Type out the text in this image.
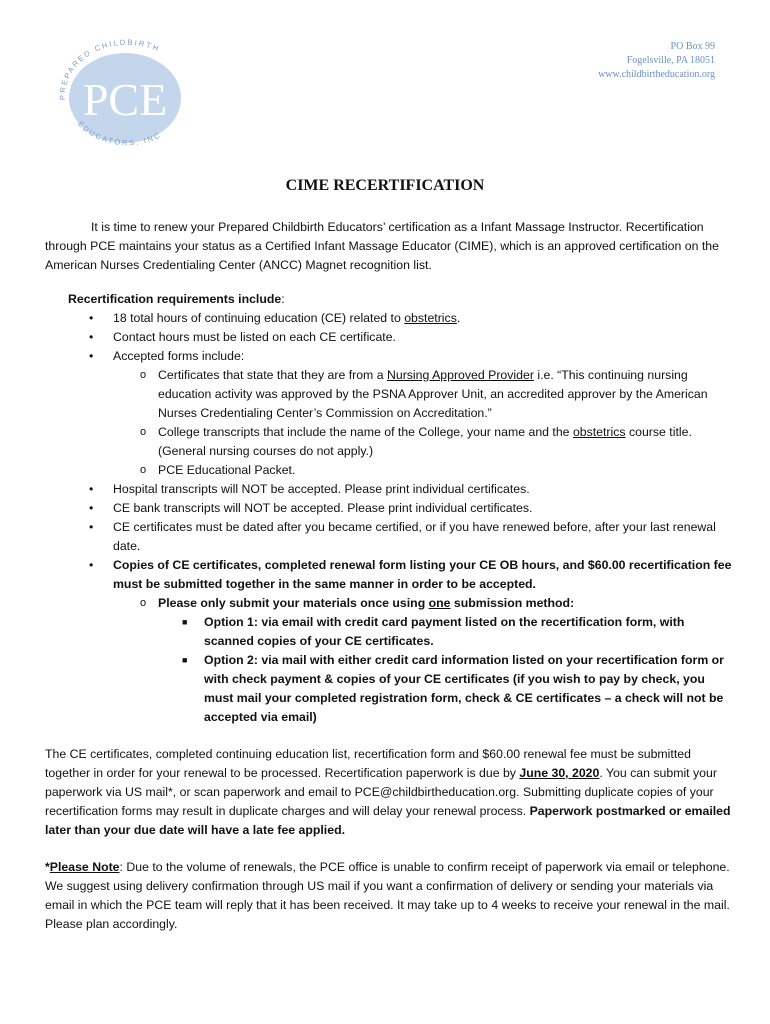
PREPARED CHILDBIRTH
EDUCATORS, INC
PCE
PO Box 99
Fogelsville, PA 18051
www.childbirtheducation.org
CIME RECERTIFICATION

It is time to renew your Prepared Childbirth Educators’ certification as a Infant Massage Instructor. Recertification through PCE maintains your status as a Certified Infant Massage Educator (CIME), which is an approved certification on the American Nurses Credentialing Center (ANCC) Magnet recognition list.

Recertification requirements include:

• 18 total hours of continuing education (CE) related to obstetrics.
• Contact hours must be listed on each CE certificate.
• Accepted forms include:
o Certificates that state that they are from a Nursing Approved Provider i.e. “This continuing nursing education activity was approved by the PSNA Approver Unit, an accredited approver by the American Nurses Credentialing Center’s Commission on Accreditation.”
o College transcripts that include the name of the College, your name and the obstetrics course title. (General nursing courses do not apply.)
o PCE Educational Packet.
• Hospital transcripts will NOT be accepted. Please print individual certificates.
• CE bank transcripts will NOT be accepted. Please print individual certificates.
• CE certificates must be dated after you became certified, or if you have renewed before, after your last renewal date.
• Copies of CE certificates, completed renewal form listing your CE OB hours, and $60.00 recertification fee must be submitted together in the same manner in order to be accepted.
o Please only submit your materials once using one submission method:
■ Option 1: via email with credit card payment listed on the recertification form, with scanned copies of your CE certificates.
■ Option 2: via mail with either credit card information listed on your recertification form or with check payment & copies of your CE certificates (if you wish to pay by check, you must mail your completed registration form, check & CE certificates – a check will not be accepted via email)

The CE certificates, completed continuing education list, recertification form and $60.00 renewal fee must be submitted together in order for your renewal to be processed. Recertification paperwork is due by June 30, 2020. You can submit your paperwork via US mail*, or scan paperwork and email to PCE@childbirtheducation.org. Submitting duplicate copies of your recertification forms may result in duplicate charges and will delay your renewal process. Paperwork postmarked or emailed later than your due date will have a late fee applied.

*Please Note: Due to the volume of renewals, the PCE office is unable to confirm receipt of paperwork via email or telephone. We suggest using delivery confirmation through US mail if you want a confirmation of delivery or sending your materials via email in which the PCE team will reply that it has been received. It may take up to 4 weeks to receive your renewal in the mail. Please plan accordingly.
